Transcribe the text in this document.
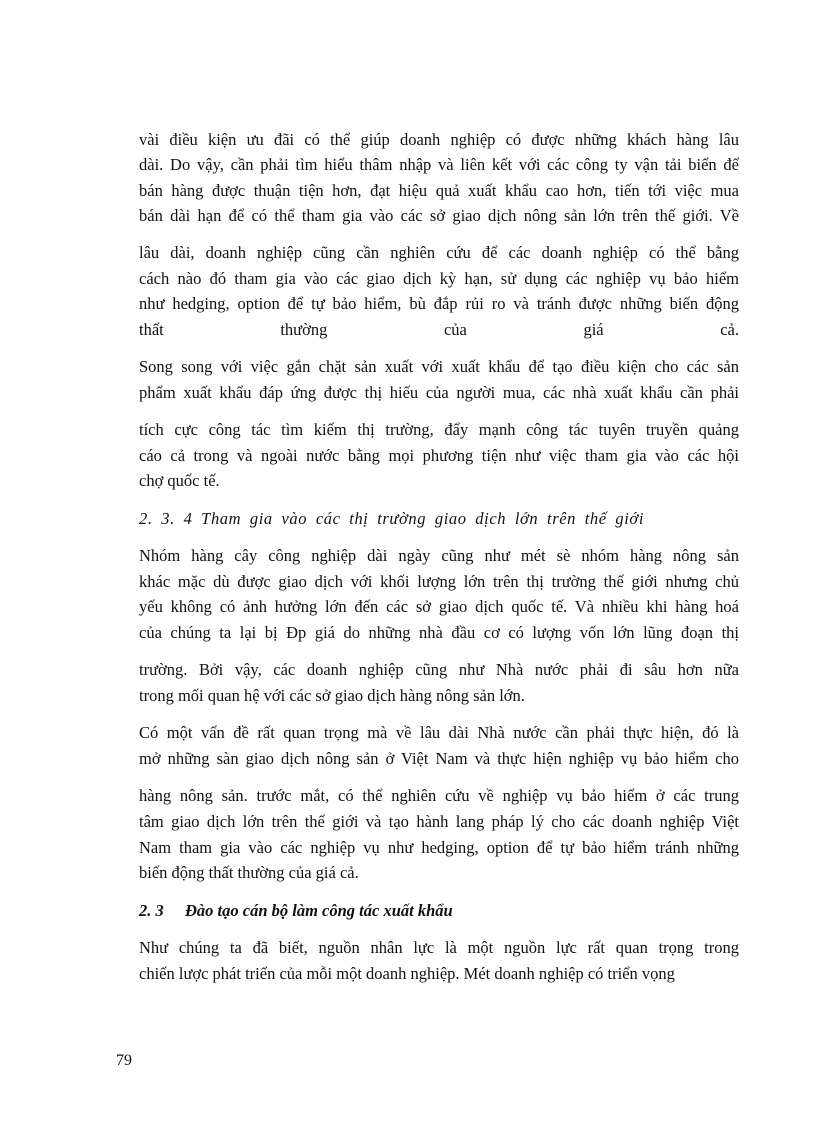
vài điều kiện ưu đãi có thể giúp doanh nghiệp có được những khách hàng lâu
dài. Do vậy, cần phải tìm hiểu thâm nhập và liên kết với các công ty vận tải biển để
bán hàng được thuận tiện hơn, đạt hiệu quả xuất khẩu cao hơn, tiến tới việc mua
bán dài hạn để có thể tham gia vào các sở giao dịch nông sản lớn trên thế giới. Về
lâu dài, doanh nghiệp cũng cần nghiên cứu để các doanh nghiệp có thể bằng
cách nào đó tham gia vào các giao dịch kỳ hạn, sử dụng các nghiệp vụ bảo hiểm
như hedging, option để tự bảo hiểm, bù đắp rủi ro và tránh được những biến động
thất thường của giá cả.
Song song với việc gắn chặt sản xuất với xuất khẩu để tạo điều kiện cho các sản
phẩm xuất khẩu đáp ứng được thị hiếu của người mua, các nhà xuất khẩu cần phải
tích cực công tác tìm kiếm thị trường, đẩy mạnh công tác tuyên truyền quảng
cáo cả trong và ngoài nước bằng mọi phương tiện như việc tham gia vào các hội
chợ quốc tế.
2. 3. 4 Tham gia vào các thị trường giao dịch lớn trên thế giới
Nhóm hàng cây công nghiệp dài ngày cũng như mét sè nhóm hàng nông sản
khác mặc dù được giao dịch với khối lượng lớn trên thị trường thế giới nhưng chủ
yếu không có ảnh hưởng lớn đến các sở giao dịch quốc tế. Và nhiều khi hàng hoá
của chúng ta lại bị Ðp giá do những nhà đầu cơ có lượng vốn lớn lũng đoạn thị
trường. Bởi vậy, các doanh nghiệp cũng như Nhà nước phải đi sâu hơn nữa
trong mối quan hệ với các sở giao dịch hàng nông sản lớn.
Có một vấn đề rất quan trọng mà về lâu dài Nhà nước cần phải thực hiện, đó là
mở những sàn giao dịch nông sản ở Việt Nam và thực hiện nghiệp vụ bảo hiểm cho
hàng nông sản. trước mắt, có thể nghiên cứu về nghiệp vụ bảo hiểm ở các trung
tâm giao dịch lớn trên thế giới và tạo hành lang pháp lý cho các doanh nghiệp Việt
Nam tham gia vào các nghiệp vụ như hedging, option để tự bảo hiểm tránh những
biến động thất thường của giá cả.
2. 3 Đào tạo cán bộ làm công tác xuất khẩu
Như chúng ta đã biết, nguồn nhân lực là một nguồn lực rất quan trọng trong
chiến lược phát triển của mỗi một doanh nghiệp. Mét doanh nghiệp có triển vọng
79
